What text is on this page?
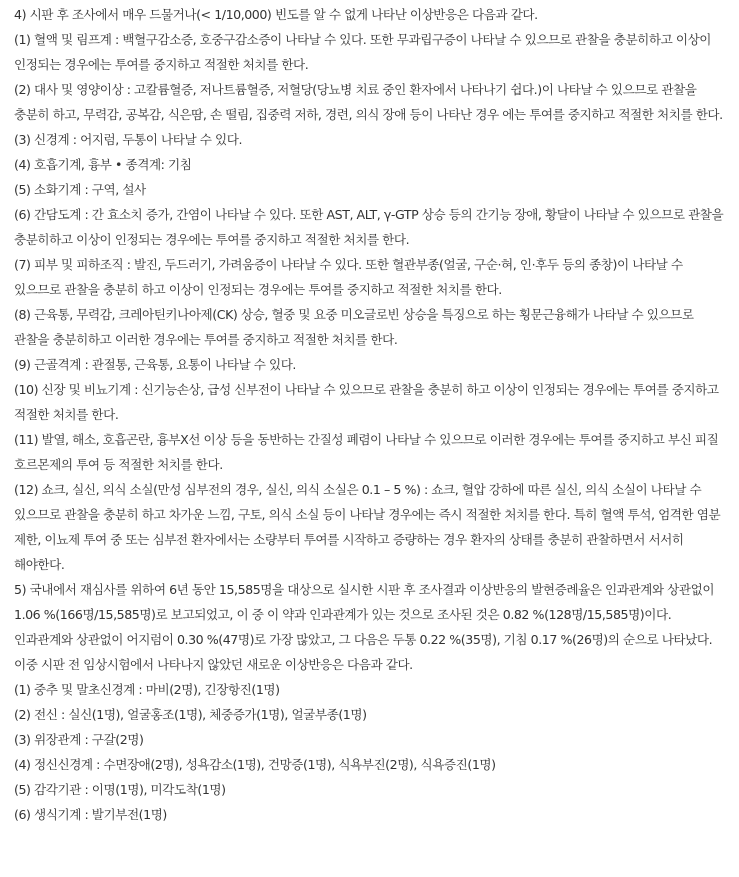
4) 시판 후 조사에서 매우 드물거나(< 1/10,000) 빈도를 알 수 없게 나타난 이상반응은 다음과 같다.

(1) 혈액 및 림프계 : 백혈구감소증, 호중구감소증이 나타날 수 있다. 또한 무과립구증이 나타날 수 있으므로 관찰을 충분히하고 이상이 인정되는 경우에는 투여를 중지하고 적절한 처치를 한다.

(2) 대사 및 영양이상 : 고칼륨혈증, 저나트륨혈증, 저혈당(당뇨병 치료 중인 환자에서 나타나기 쉽다.)이 나타날 수 있으므로 관찰을 충분히 하고, 무력감, 공복감, 식은땀, 손 떨림, 집중력 저하, 경련, 의식 장애 등이 나타난 경우 에는 투여를 중지하고 적절한 처치를 한다.

(3) 신경계 : 어지럼, 두통이 나타날 수 있다.

(4) 호흡기계, 흉부 • 종격계: 기침

(5) 소화기계 : 구역, 설사

(6) 간담도계 : 간 효소치 증가, 간염이 나타날 수 있다. 또한 AST, ALT, γ-GTP 상승 등의 간기능 장애, 황달이 나타날 수 있으므로 관찰을 충분히하고 이상이 인정되는 경우에는 투여를 중지하고 적절한 처치를 한다.

(7) 피부 및 피하조직 : 발진, 두드러기, 가려움증이 나타날 수 있다. 또한 혈관부종(얼굴, 구순·혀, 인·후두 등의 종창)이 나타날 수 있으므로 관찰을 충분히 하고 이상이 인정되는 경우에는 투여를 중지하고 적절한 처치를 한다.

(8) 근육통, 무력감, 크레아틴키나아제(CK) 상승, 혈중 및 요중 미오글로빈 상승을 특징으로 하는 횡문근융해가 나타날 수 있으므로 관찰을 충분히하고 이러한 경우에는 투여를 중지하고 적절한 처치를 한다.

(9) 근골격계 : 관절통, 근육통, 요통이 나타날 수 있다.

(10) 신장 및 비뇨기계 : 신기능손상, 급성 신부전이 나타날 수 있으므로 관찰을 충분히 하고 이상이 인정되는 경우에는 투여를 중지하고 적절한 처치를 한다.

(11) 발열, 해소, 호흡곤란, 흉부X선 이상 등을 동반하는 간질성 폐렴이 나타날 수 있으므로 이러한 경우에는 투여를 중지하고 부신 피질 호르몬제의 투여 등 적절한 처치를 한다.

(12) 쇼크, 실신, 의식 소실(만성 심부전의 경우, 실신, 의식 소실은 0.1 – 5 %) : 쇼크, 혈압 강하에 따른 실신, 의식 소실이 나타날 수 있으므로 관찰을 충분히 하고 차가운 느낌, 구토, 의식 소실 등이 나타날 경우에는 즉시 적절한 처치를 한다. 특히 혈액 투석, 엄격한 염분 제한, 이뇨제 투여 중 또는 심부전 환자에서는 소량부터 투여를 시작하고 증량하는 경우 환자의 상태를 충분히 관찰하면서 서서히 해야한다.

5) 국내에서 재심사를 위하여 6년 동안 15,585명을 대상으로 실시한 시판 후 조사결과 이상반응의 발현증례율은 인과관계와 상관없이 1.06 %(166명/15,585명)로 보고되었고, 이 중 이 약과 인과관계가 있는 것으로 조사된 것은 0.82 %(128명/15,585명)이다. 인과관계와 상관없이 어지럼이 0.30 %(47명)로 가장 많았고, 그 다음은 두통 0.22 %(35명), 기침 0.17 %(26명)의 순으로 나타났다. 이중 시판 전 임상시험에서 나타나지 않았던 새로운 이상반응은 다음과 같다.

(1) 중추 및 말초신경계 : 마비(2명), 긴장항진(1명)

(2) 전신 : 실신(1명), 얼굴홍조(1명), 체중증가(1명), 얼굴부종(1명)

(3) 위장관계 : 구갈(2명)

(4) 정신신경계 : 수면장애(2명), 성욕감소(1명), 건망증(1명), 식욕부진(2명), 식욕증진(1명)

(5) 감각기관 : 이명(1명), 미각도착(1명)

(6) 생식기계 : 발기부전(1명)
